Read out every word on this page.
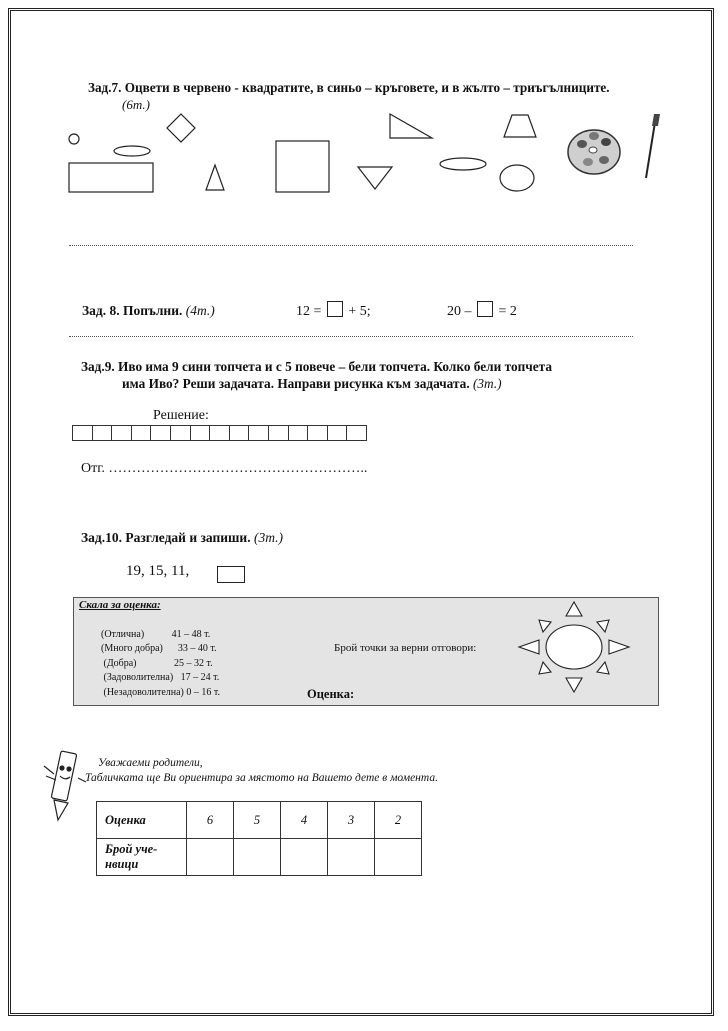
Зад.7. Оцвети в червено - квадратите, в синьо – кръговете, и в жълто – триъгълниците.
(6т.)
Зад. 8. Попълни. (4т.)	12 = + 5;	20 – = 2
Зад.9. Иво има 9 сини топчета и с 5 повече – бели топчета. Колко бели топчета
има Иво? Реши задачата. Направи рисунка към задачата. (3т.)
Решение:
Отг. ………………………………………………..
Зад.10. Разгледай и запиши. (3т.)
19, 15, 11,
Скала за оценка:
(Отлична)           41 – 48 т.
(Много добра)      33 – 40 т.
(Добра)               25 – 32 т.
(Задоволителна)   17 – 24 т.
(Незадоволителна) 0 – 16 т.
Брой точки за верни отговори:
Оценка:
Уважаеми родители,
Табличката ще Ви ориентира за мястото на Вашето дете в момента.
Оценка	6	5	4	3	2
Брой уче-
нвици					
